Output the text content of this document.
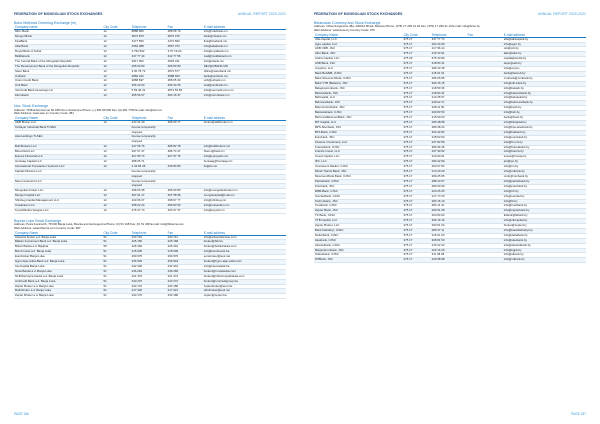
FEDERATION OF MONGOLIAN STOCK EXCHANGES	ANNUAL REPORT 2020-2021
Boho Methods Greenlog Exchange (m)
Company name	City Code	Telephone	Fax	E-mail address
MKC Bank	12	8888 906	488 06 70	info@mkcbank.mn
Mongol Bank	12	4872 870	4872 476	bank@mbank.mn
FinaBank	12	4477 560	4472 560	fina@finabank.mn
Altai Bank	12	4563 388	4567 372	info@altaibank.mn
Royal Bank of Suhar	12	3 752 502	3 57 19 20	info@royalbank.mn
Middlebank	12	447 77 44	442 77 56	mail@middlebank.mn
The Central Bank of the Mongolian Republic	12	4917 002	4918 311	info@cbank.mn
The Development Bank of the Mongolian Republic	12	465 63 80	465 83 80	DEV@CBANK.MN
Steer Bank	12	3 30 78 72	4872 577	office@steerbank.mn
Unibank	12	4882 242	4888 933	bank@unibank.mn
Union Credit Bank	12	4888 837	486 65 40	ucb@ucbank.mn
Unit Bank	12	466 43 00	466 43 25	mail@unitbank.mn
VerCredit Bank Greenlogs Llc	12	5 59 36 31	4872 53 65	info@vercredit.com.mn
Zerimbank	12	465 56 07	464 16 37	info@zerimbank.mn
Nov. Stock Exchange
Address: 78 Bulchel Avenue 50 188 Novo Svetlovipe Phone: (+) 381 89 000 Fax: (0) 481 7790 E-mail: info@sten.sv
Web Address: www.sten.sv Country Code: 381
Company Name	City Code	Telephone	Fax	E-mail address
ADB Broker LLC	12	243 41 20	486 09 77	broker@adbbroker.mn
Terbayar Industrial Bank TLSEC		license temporarily		
		stopped		
Asia Holdings TLSEC		license temporarily		
		stopped		
Bull Brokers LLC	12	247 56 76	486 82 78	info@bullbrokers.mn
Bloomfield LLC	12	497 67 47	486 74 47	bloom@field.mn
Europe Financial LLC	12	327 95 74	327 97 76	info@europefin.mn
Hontaag Capital LLC	12	488 05 71		hontaag@hontaag.mn
International Transaction Systems LLC	12	4 33 84 36	436 84 80	its@its.mn
Kapital Partners LLC		license temporarily		
		stopped		
Mao Investment LLC		license temporarily		
		stopped		
Mongolian broker LLC	12	498 06 38	495 60 80	info@mongolianbroker.mn
Mongol Capital LLC	12	467 61 17	467 58 96	mongolcapital@mail.mn
Shinbeg Capital Management LLC	12	440 06 37	498 67 77	info@shinbeg.mn
Unisanken LLC	12	498 22 24	496 83 53	info@unisanken.mn
Koyoldhimba Sangae LLC	12	476 37 74	463 37 37	info@koyold.mn
Bourse Luke Stock Exchange
Address: Petra Kocica bb, 78 000 Banja Luka, Bosnia and Herzegovina Phone: (0) 51 348 Fax: (0) 51 348 E-mail: info@blberza.com
Web Address: www.blberza.com Country Code: 387
Company Name	City Code	Telephone	Fax	E-mail address
Advantis broker a.d. Banja Luka	51	233 710	233 711	info@advantisbroker.com
Balkan Investment Bank a.d. Banja Luka	51	225 150	225 168	broker@bib.ba
Bobar Banka a.d. Bijeljina	55	226 300	226 301	broker@bobarbanka.com
Bond Invest a.d. Banja Luka	51	215 005	215 006	info@bondinvest.ba
Eurobroker Banja Luka	51	290 975	290 976	eurobroker@teol.net
Hypo Alpe-Adria-Bank a.d. Banja Luka	51	336 500	336 518	brokeri@hypo-alpe-adria.com
Intercapital Banja Luka	51	232 400	232 401	info@intercapital.ba
Nova Banka a.d. Banja Luka	51	246 262	246 266	brokeri@novabanka.com
NLB Razvojna banka a.d. Banja Luka	51	221 470	221 472	brokeri@nlbrazvojnabanka.com
UniCredit Bank a.d. Banja Luka	51	243 270	243 272	brokeri@unicreditgroup.ba
Zepter Broker a.d. Banja Luka	51	233 170	233 180	zepterbroker@teol.net
Rafinbroker a.d. Banja Luka	51	217 320	217 321	rafinbroker@teol.net
Zepter Broker a.d. Banja Luka	51	233 170	233 180	zepter@zepter.ba
PAGE 186
FEDERATION OF MONGOLIAN STOCK EXCHANGES	ANNUAL REPORT 2020-2021
Belarusian Currency and Stock Exchange
Address: Ulitsa Surganova 48a, 220013 Minsk, Belarus Phone: (375) 17 209 41 03 Fax: (375) 17 209 41 10 E-mail: info@bcse.by
Web Address: www.bcse.by Country Code: 375
Company Name	City Code	Telephone	Fax	E-mail address
Alfa-Capital, LLC	375 17	347 77 74		alfa@alfacapital.by
Agro-capital, LLC	375 17	204 44 69		info@agro.by
AKB ORB, JSC	375 17	217 96 14		ork@orb.by
Allur-Bank, JSC	375 17	215 44 91		allur@allur.by
Andra Capital, LLC	375 29	675 33 80		capital@andra.by
ASB Bank, JSC	375 17	218 84 31		depo@asb.by
Anyprice, LLC	375 17	295 43 45		info@any.by
Bank BelVEB, OJSC	375 17	215 61 91		bank@belveb.by
Bank Moscow-Minsk, OJSC	375 17	299 25 95		mmbank@mmbank.by
Bank VTB (Belarus), JSC	375 17	309 15 15		info@vtb-bank.by
Belagroprombank, JSC	375 17	218 59 36		info@belapb.by
Belarusbank, JSC	375 17	218 84 31		info@belarusbank.by
BelCapital, LLC	375 17	210 45 57		info@belcapital.by
Belinvestbank, JSC	375 17	239 02 17		info@belinvestbank.by
Belpromstroibank, JSC	375 17	228 11 50		info@bpsb.by
Belswissbank, CJSC	375 17	200 83 53		info@bsb.by
BelVneshEkonomBank, JSC	375 17	215 60 00		bank@bveb.by
BIT Capital, LLC	375 17	295 38 88		info@bitcapital.by
BPS-Sberbank, JSC	375 17	289 48 24		info@bps-sberbank.by
BTA Bank, CJSC	375 17	334 32 84		info@btabank.by
Eurobank, JSC	375 17	218 53 63		info@eurobank.by
Finance-Investment, LLC	375 17	237 82 96		info@fin-inv.by
Fransabank, OJSC	375 17	389 36 36		info@fransabank.by
Franzis Invest, LLC	375 17	237 30 62		info@franzis.by
Invest Capital, LLC	375 17	210 00 91		invest@invcap.by
IPC, LLC	375 17	290 42 09		ipc@ipc.by
Investment Market, CJSC	375 17	200 07 82		info@im.by
Minsk Transit Bank, JSC	375 17	213 29 29		info@mtbank.by
Moscow-Minsk Bank, OJSC	375 17	299 25 95		mmb@mmbank.by
Paritetbank, OJSC	375 17	288 10 07		info@paritetbank.by
Priorbank, JSC	375 17	289 90 90		info@priorbank.by
RRB-Bank, CJSC	375 17	220 25 25		info@rrb.by
Sombelbank, CJSC	375 17	217 73 33		info@sombel.by
Technobank, JSC	375 17	283 15 10		info@tb.by
Trustbank, CJSC	375 17	284 11 10		info@trustbank.by
Zepter Bank, JSC	375 17	290 51 68		info@zepterbank.by
TK Bank, CJSC	375 17	203 84 62		tkbank@tkbank.by
VTB Capital, LLC	375 17	309 16 16		info@vtbcapital.by
Zepter Broker, LLC	375 17	290 51 64		broker@zepter.by
Bank Dabrabyt, OJSC	375 17	289 37 11		info@bankdabrabyt.by
Delta Bank, CJSC	375 17	215 01 03		info@deltabank.by
Ideabank, CJSC	375 17	308 81 53		info@ideabank.by
Absolutbank, CJSC	375 17	215 22 22		info@absolutbank.by
Belgazprombank, JSC	375 17	229 16 29		info@bgpb.by
Statusbank, OJSC	375 17	311 38 08		info@stbank.by
MTBank, JSC	375 17	229 98 98		info@mtbank.by
PAGE 187
